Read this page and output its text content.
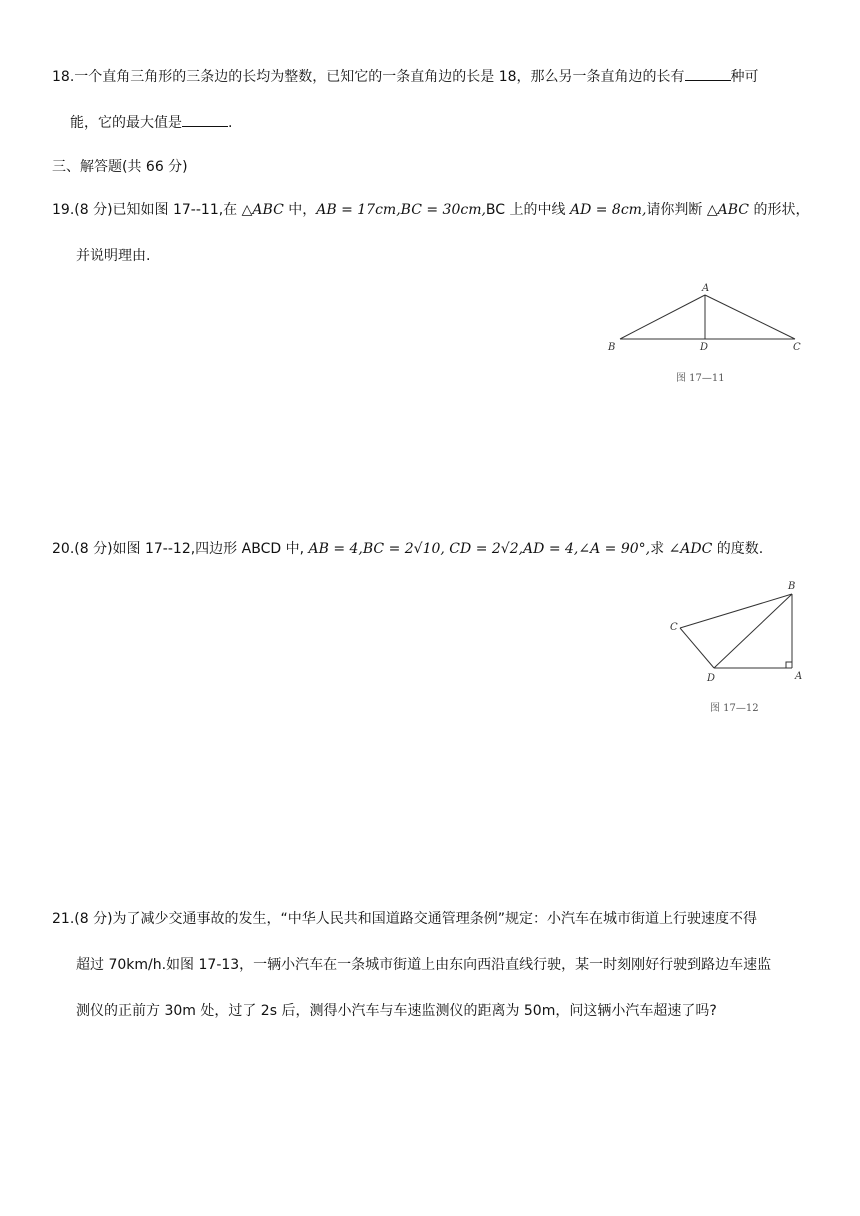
18.一个直角三角形的三条边的长均为整数，已知它的一条直角边的长是 18，那么另一条直角边的长有	种可
能，它的最大值是	.
三、解答题(共 66 分)
19.(8 分)已知如图 17--11,在 △ABC 中，AB = 17cm,BC = 30cm,BC 上的中线 AD = 8cm,请你判断 △ABC 的形状，
并说明理由.
A
B	D	C
图 17—11
20.(8 分)如图 17--12,四边形 ABCD 中, AB = 4,BC = 2√10, CD = 2√2,AD = 4,∠A = 90°,求 ∠ADC 的度数.
B
C
D	A
图 17—12
21.(8 分)为了减少交通事故的发生，“中华人民共和国道路交通管理条例”规定：小汽车在城市街道上行驶速度不得
超过 70km/h.如图 17-13，一辆小汽车在一条城市街道上由东向西沿直线行驶，某一时刻刚好行驶到路边车速监
测仪的正前方 30m 处，过了 2s 后，测得小汽车与车速监测仪的距离为 50m，问这辆小汽车超速了吗?
